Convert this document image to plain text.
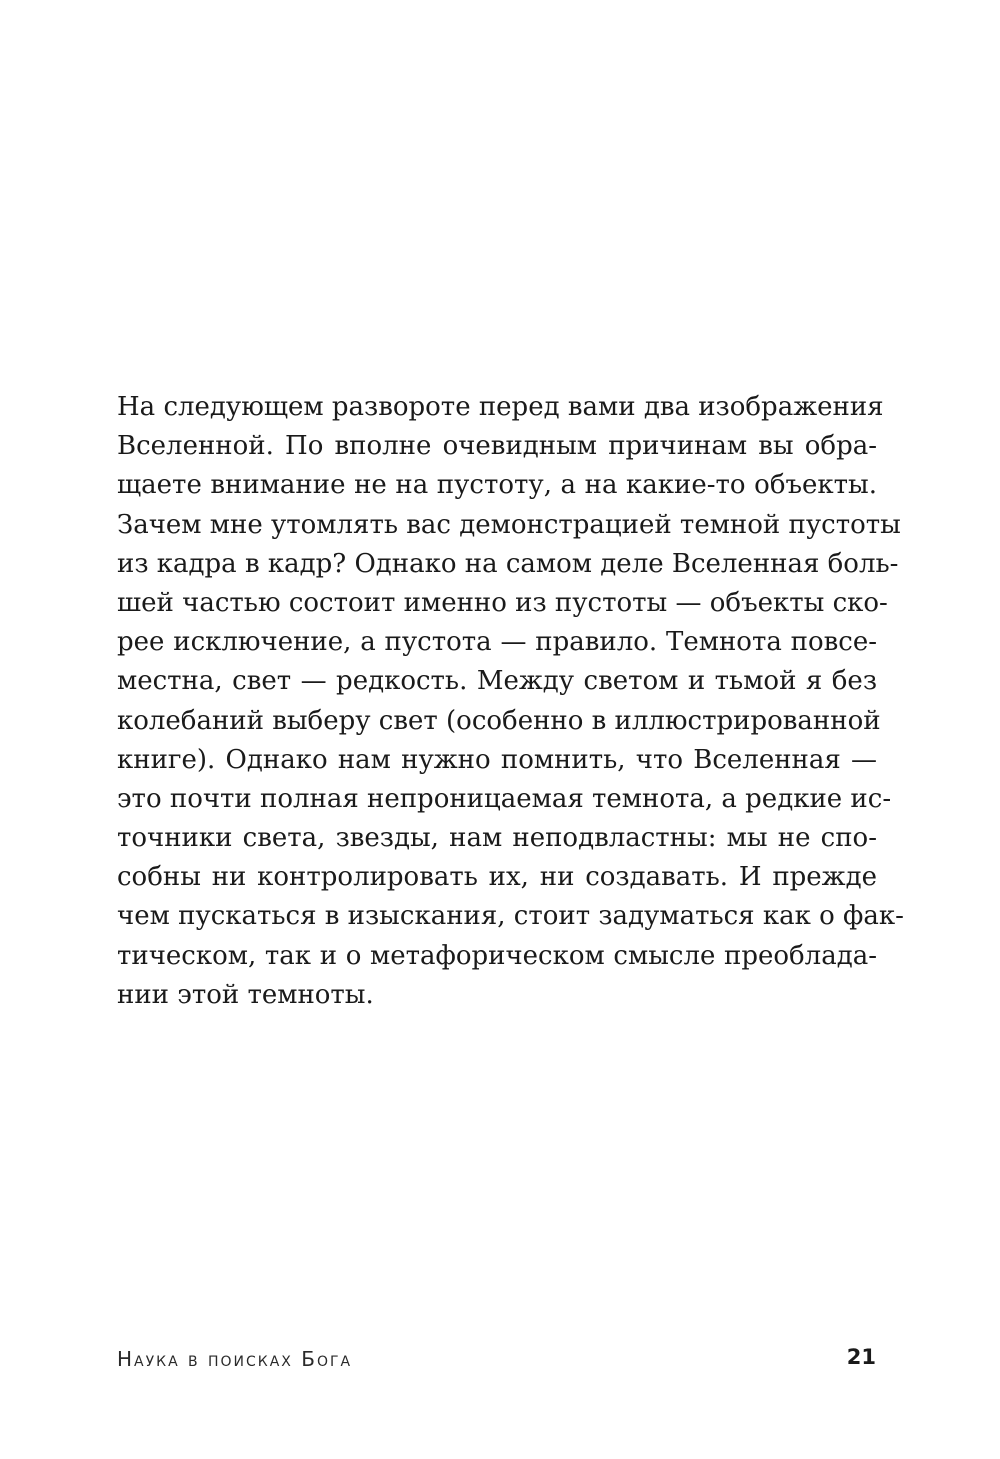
На следующем развороте перед вами два изображения
Вселенной. По вполне очевидным причинам вы обра-
щаете внимание не на пустоту, а на какие-то объекты.
Зачем мне утомлять вас демонстрацией темной пустоты
из кадра в кадр? Однако на самом деле Вселенная боль-
шей частью состоит именно из пустоты — объекты ско-
рее исключение, а пустота — правило. Темнота повсе-
местна, свет — редкость. Между светом и тьмой я без
колебаний выберу свет (особенно в иллюстрированной
книге). Однако нам нужно помнить, что Вселенная —
это почти полная непроницаемая темнота, а редкие ис-
точники света, звезды, нам неподвластны: мы не спо-
собны ни контролировать их, ни создавать. И прежде
чем пускаться в изыскания, стоит задуматься как о фак-
тическом, так и о метафорическом смысле преоблада-
нии этой темноты.
Наука в поисках Бога	21
